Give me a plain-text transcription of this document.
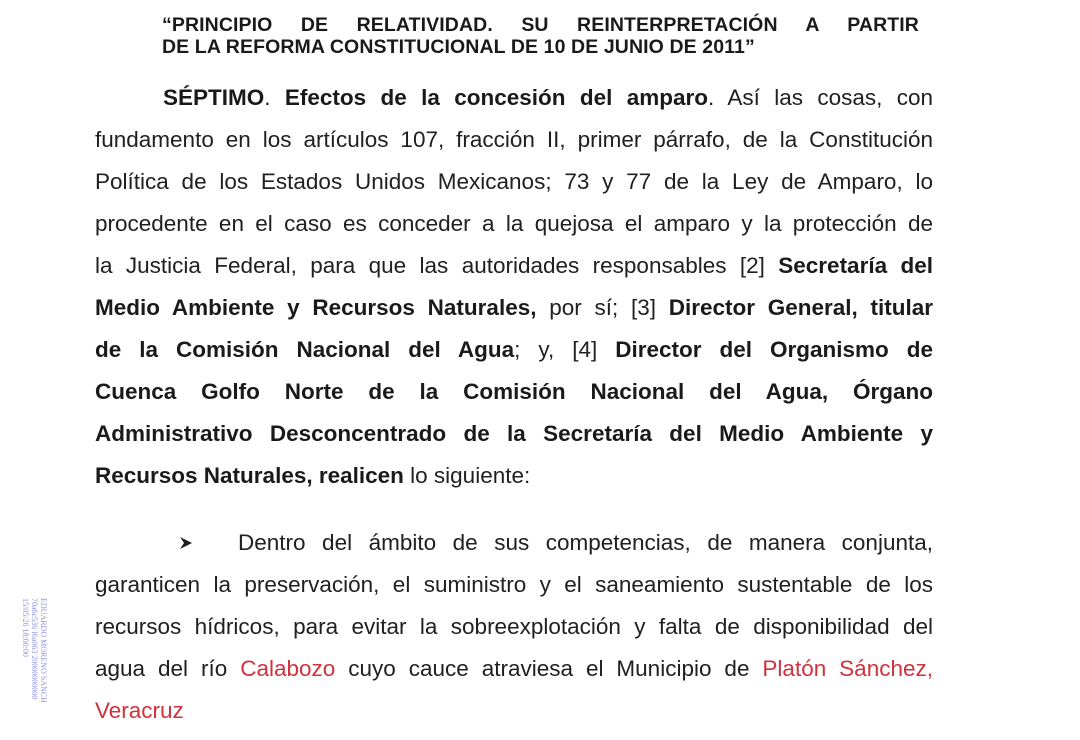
“PRINCIPIO DE RELATIVIDAD. SU REINTERPRETACIÓN A PARTIR
DE LA REFORMA CONSTITUCIONAL DE 10 DE JUNIO DE 2011”
SÉPTIMO. Efectos de la concesión del amparo. Así las cosas, con
fundamento en los artículos 107, fracción II, primer párrafo, de la Constitución
Política de los Estados Unidos Mexicanos; 73 y 77 de la Ley de Amparo, lo
procedente en el caso es conceder a la quejosa el amparo y la protección de
la Justicia Federal, para que las autoridades responsables [2] Secretaría del
Medio Ambiente y Recursos Naturales, por sí; [3] Director General, titular
de la Comisión Nacional del Agua; y, [4] Director del Organismo de
Cuenca Golfo Norte de la Comisión Nacional del Agua, Órgano
Administrativo Desconcentrado de la Secretaría del Medio Ambiente y
Recursos Naturales, realicen lo siguiente:
Dentro del ámbito de sus competencias, de manera conjunta,
garanticen la preservación, el suministro y el saneamiento sustentable de los
recursos hídricos, para evitar la sobreexplotación y falta de disponibilidad del
agua del río Calabozo cuyo cauce atraviesa el Municipio de Platón Sánchez,
Veracruz
EDUARDO MORENO SANCH
70a6c536 f6a063 20000000000
15/05/26 18:00:00
